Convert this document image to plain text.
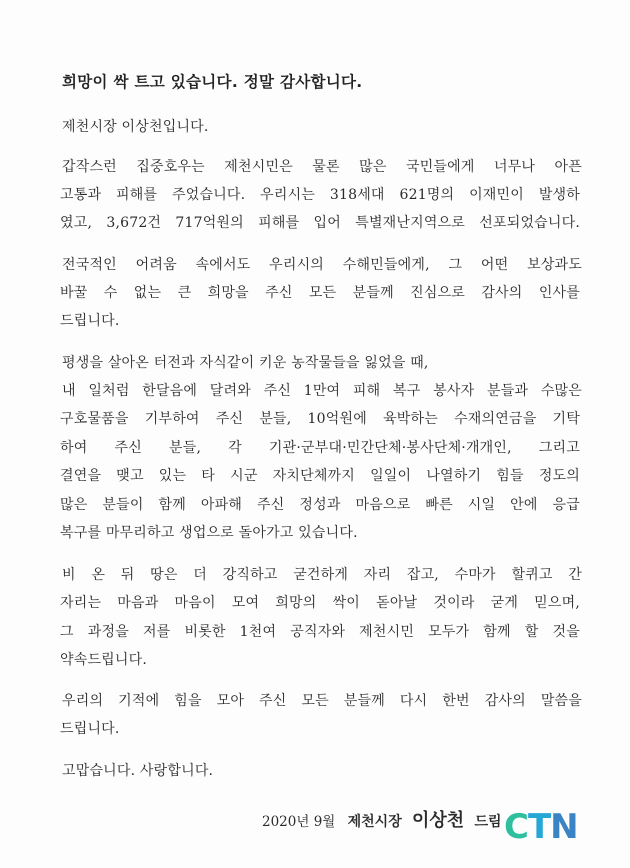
희망이 싹 트고 있습니다. 정말 감사합니다.
제천시장 이상천입니다.
갑작스런 집중호우는 제천시민은 물론 많은 국민들에게 너무나 아픈
고통과 피해를 주었습니다. 우리시는 318세대 621명의 이재민이 발생하
였고, 3,672건 717억원의 피해를 입어 특별재난지역으로 선포되었습니다.
전국적인 어려움 속에서도 우리시의 수해민들에게, 그 어떤 보상과도
바꿀 수 없는 큰 희망을 주신 모든 분들께 진심으로 감사의 인사를
드립니다.
평생을 살아온 터전과 자식같이 키운 농작물들을 잃었을 때,
내 일처럼 한달음에 달려와 주신 1만여 피해 복구 봉사자 분들과 수많은
구호물품을 기부하여 주신 분들, 10억원에 육박하는 수재의연금을 기탁
하여 주신 분들, 각 기관·군부대·민간단체·봉사단체·개개인, 그리고
결연을 맺고 있는 타 시군 자치단체까지 일일이 나열하기 힘들 정도의
많은 분들이 함께 아파해 주신 정성과 마음으로 빠른 시일 안에 응급
복구를 마무리하고 생업으로 돌아가고 있습니다.
비 온 뒤 땅은 더 강직하고 굳건하게 자리 잡고, 수마가 할퀴고 간
자리는 마음과 마음이 모여 희망의 싹이 돋아날 것이라 굳게 믿으며,
그 과정을 저를 비롯한 1천여 공직자와 제천시민 모두가 함께 할 것을
약속드립니다.
우리의 기적에 힘을 모아 주신 모든 분들께 다시 한번 감사의 말씀을
드립니다.
고맙습니다. 사랑합니다.
2020년 9월 제천시장 이상천 드림 CTN
